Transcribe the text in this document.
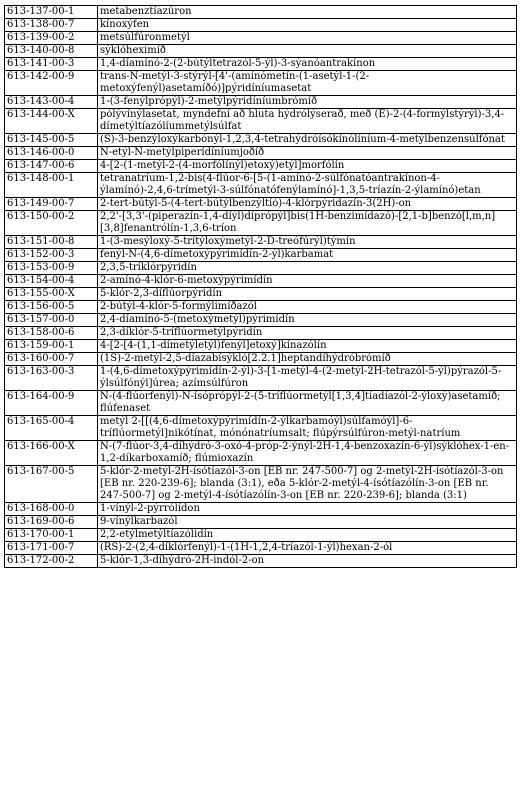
613-137-00-1	metabenztíazúron
613-138-00-7	kínoxýfen
613-139-00-2	metsúlfúronmetýl
613-140-00-8	sýklóheximíð
613-141-00-3	1,4-díamínó-2-(2-bútýltetrazól-5-ýl)-3-sýanóantrakínon
613-142-00-9	trans-N-metýl-3-stýrýl-[4'-(amínómetín-(1-asetýl-1-(2-metoxýfenýl)asetamíðó)]pýridíníumasetat
613-143-00-4	1-(3-fenýlprópýl)-2-metýlpýridíníumbrómíð
613-144-00-X	pólývínýlasetat, myndefní að hluta hýdrólýserað, með (E)-2-(4-formýlstýrýl)-3,4-dímetýltíazólíummetýlsúlfat
613-145-00-5	(S)-3-benzýloxýkarbónýl-1,2,3,4-tetrahýdróísókínólíníum-4-metýlbenzensúlfónat
613-146-00-0	N-etýl-N-metýlpiperídíníumjoðíð
613-147-00-6	4-[2-(1-metýl-2-(4-morfólínýl)etoxý)etýl]morfólín
613-148-00-1	tetranatríum-1,2-bis(4-flúor-6-[5-(1-amínó-2-súlfónatóantrakínon-4-ýlamínó)-2,4,6-trímetýl-3-súlfónatófenýlamínó]-1,3,5-tríazín-2-ýlamínó)etan
613-149-00-7	2-tert-bútýl-5-(4-tert-bútýlbenzýltíó)-4-klórpýridazín-3(2H)-on
613-150-00-2	2,2'-[3,3'-(piperazín-1,4-díýl)díprópýl]bis(1H-benzimídazó)-[2,1-b]benzó[l,m,n][3,8]fenantrólín-1,3,6-tríon
613-151-00-8	1-(3-mesýloxý-5-trítýloxýmetýl-2-D-treófúrýl)týmín
613-152-00-3	fenýl-N-(4,6-dímetoxýpýrimídín-2-ýl)karbamat
613-153-00-9	2,3,5-tríklórpýridín
613-154-00-4	2-amínó-4-klór-6-metoxýpýrimídín
613-155-00-X	5-klór-2,3-díflúorpýridín
613-156-00-5	2-bútýl-4-klór-5-formýlimíðazól
613-157-00-0	2,4-díamínó-5-(metoxýmetýl)pýrimídín
613-158-00-6	2,3-díklór-5-tríflúormetýlpýridín
613-159-00-1	4-[2-[4-(1,1-dímetýletýl)fenýl]etoxý]kínazólín
613-160-00-7	(1S)-2-metýl-2,5-díazabísýkló[2.2.1]heptandíhýdróbrómíð
613-163-00-3	1-(4,6-dímetoxýpýrimídín-2-ýl)-3-[1-metýl-4-(2-metýl-2H-tetrazól-5-ýl)pýrazól-5-ýlsúlfónýl]úrea; azímsúlfúron
613-164-00-9	N-(4-flúorfenýl)-N-ísóprópýl-2-(5-tríflúormetýl[1,3,4]tíadíazól-2-ýloxý)asetamíð; flúfenaset
613-165-00-4	metýl 2-[[(4,6-dímetoxýpýrimídín-2-ýlkarbamóýl)súlfamóýl]-6-tríflúormetýl]nikótínat, mónónatríumsalt; flúpýrsúlfúron-metýl-natríum
613-166-00-X	N-(7-flúor-3,4-díhýdró-3-oxó-4-próp-2-ýnýl-2H-1,4-benzoxazín-6-ýl)sýklóhex-1-en-1,2-díkarboxamíð; flúmioxazín
613-167-00-5	5-klór-2-metýl-2H-ísótíazól-3-on [EB nr. 247-500-7] og 2-metýl-2H-ísótíazól-3-on [EB nr. 220-239-6]; blanda (3:1), eða 5-klór-2-metýl-4-ísótíazólín-3-on [EB nr. 247-500-7] og 2-metýl-4-ísótíazólín-3-on [EB nr. 220-239-6]; blanda (3:1)
613-168-00-0	1-vínýl-2-pýrrólídon
613-169-00-6	9-vínýlkarbazól
613-170-00-1	2,2-etýlmetýltíazólidín
613-171-00-7	(RS)-2-(2,4-díklórfenýl)-1-(1H-1,2,4-tríazól-1-ýl)hexan-2-ól
613-172-00-2	5-klór-1,3-díhýdró-2H-indól-2-on
